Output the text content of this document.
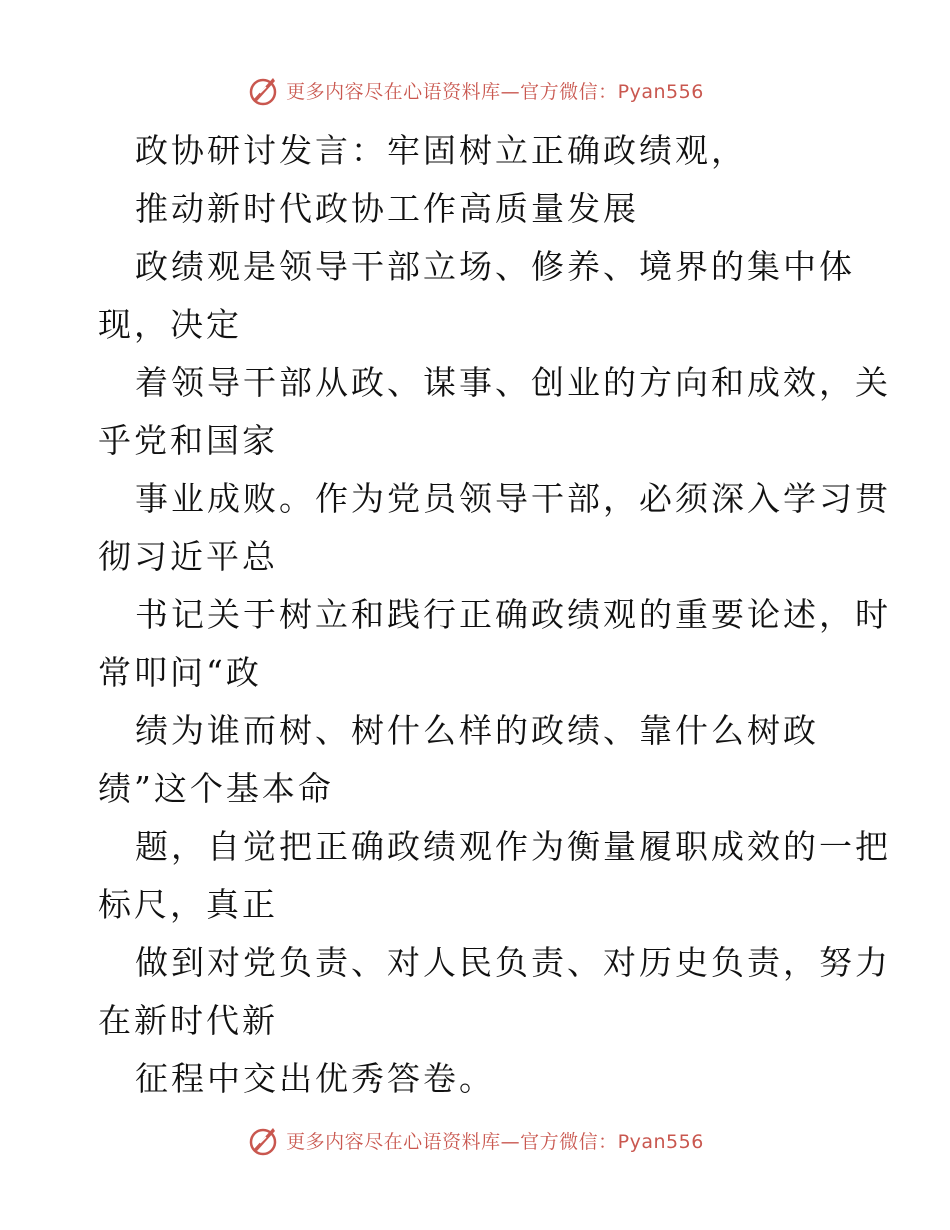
更多内容尽在心语资料库—官方微信：Pyan556
政协研讨发言：牢固树立正确政绩观，
推动新时代政协工作高质量发展
政绩观是领导干部立场、修养、境界的集中体
现，决定
着领导干部从政、谋事、创业的方向和成效，关
乎党和国家
事业成败。作为党员领导干部，必须深入学习贯
彻习近平总
书记关于树立和践行正确政绩观的重要论述，时
常叩问“政
绩为谁而树、树什么样的政绩、靠什么树政
绩”这个基本命
题，自觉把正确政绩观作为衡量履职成效的一把
标尺，真正
做到对党负责、对人民负责、对历史负责，努力
在新时代新
征程中交出优秀答卷。
更多内容尽在心语资料库—官方微信：Pyan556
